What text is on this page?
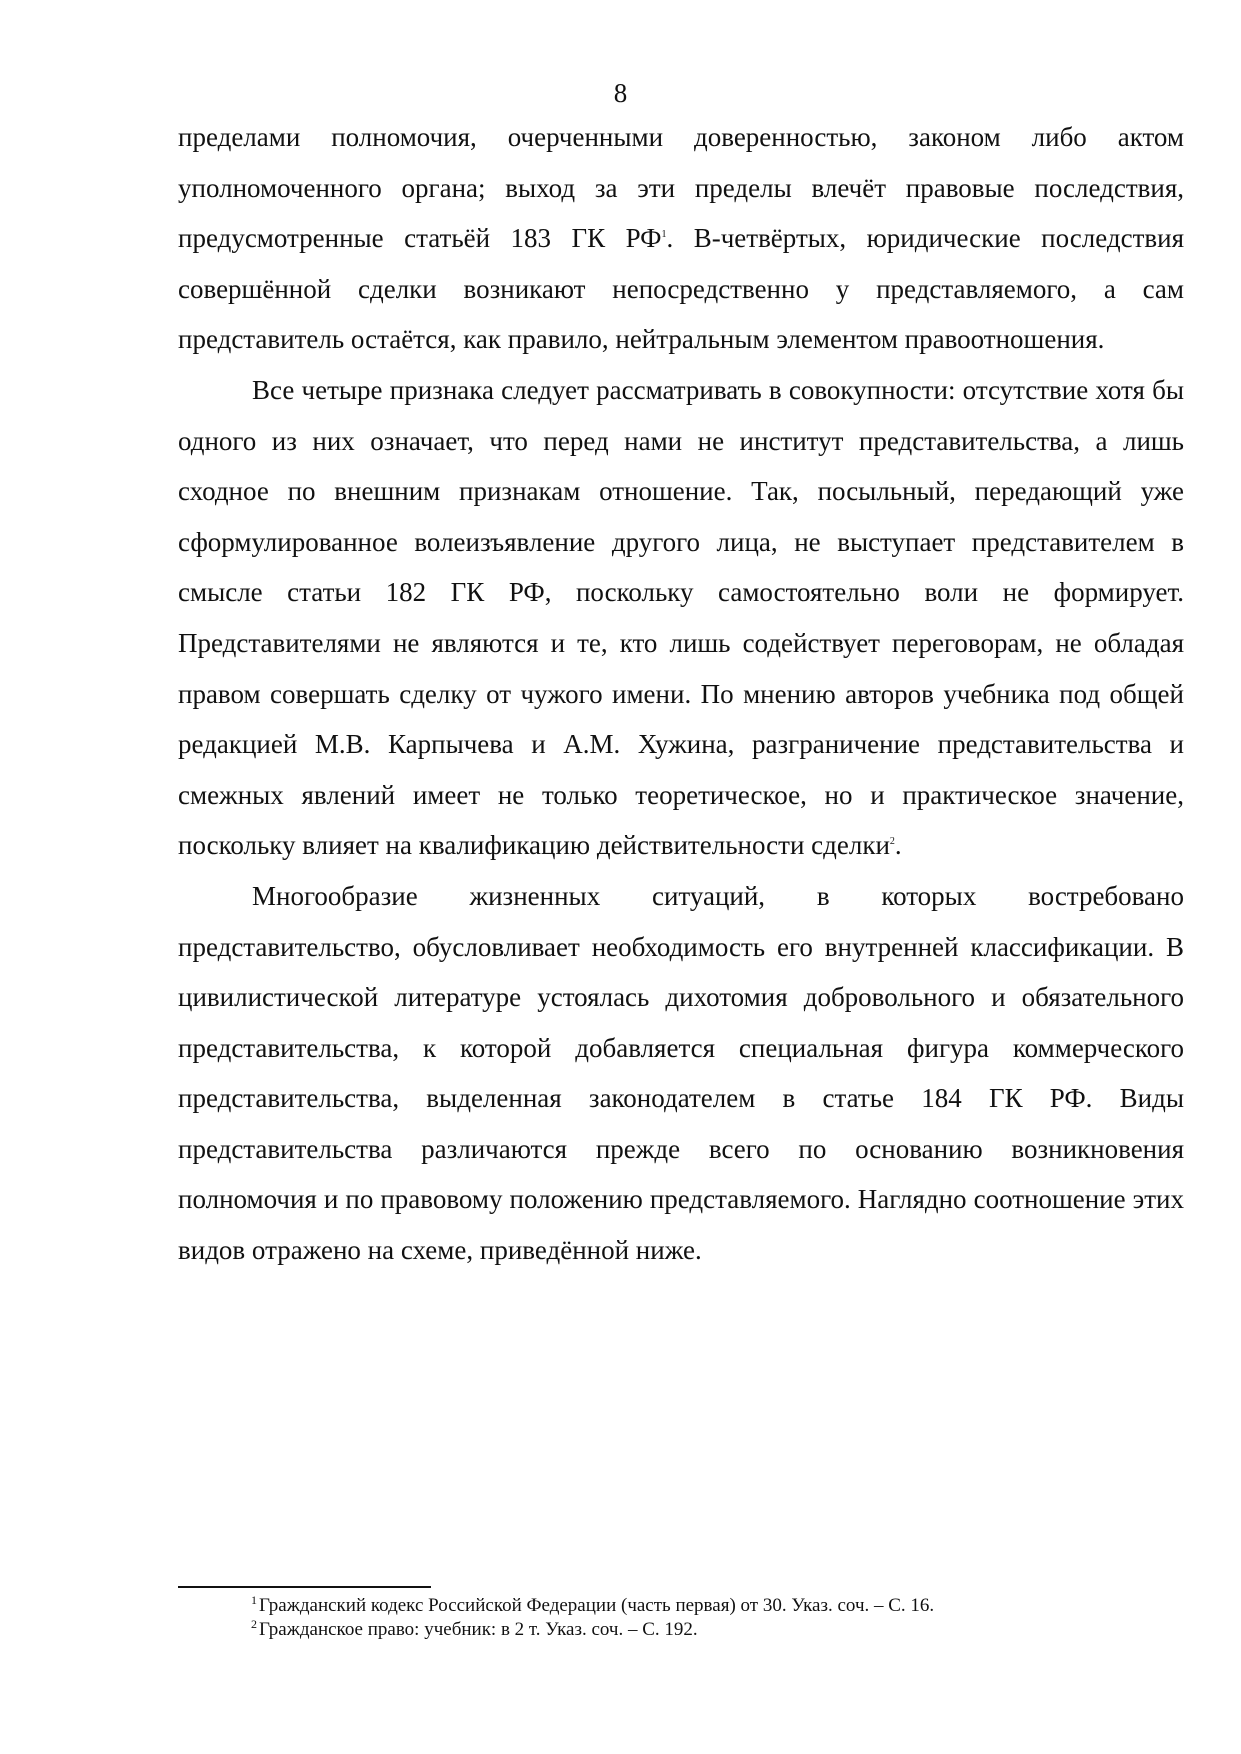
8

пределами полномочия, очерченными доверенностью, законом либо актом уполномоченного органа; выход за эти пределы влечёт правовые последствия, предусмотренные статьёй 183 ГК $РФ^1$. В-четвёртых, юридические последствия совершённой сделки возникают непосредственно у представляемого, а сам представитель остаётся, как правило, нейтральным элементом правоотношения.

Все четыре признака следует рассматривать в совокупности: отсутствие хотя бы одного из них означает, что перед нами не институт представительства, а лишь сходное по внешним признакам отношение. Так, посыльный, передающий уже сформулированное волеизъявление другого лица, не выступает представителем в смысле статьи 182 ГК РФ, поскольку самостоятельно воли не формирует. Представителями не являются и те, кто лишь содействует переговорам, не обладая правом совершать сделку от чужого имени. По мнению авторов учебника под общей редакцией М.В. Карпычева и А.М. Хужина, разграничение представительства и смежных явлений имеет не только теоретическое, но и практическое значение, поскольку влияет на квалификацию действительности сделки$^2$.

Многообразие жизненных ситуаций, в которых востребовано представительство, обусловливает необходимость его внутренней классификации. В цивилистической литературе устоялась дихотомия добровольного и обязательного представительства, к которой добавляется специальная фигура коммерческого представительства, выделенная законодателем в статье 184 ГК РФ. Виды представительства различаются прежде всего по основанию возникновения полномочия и по правовому положению представляемого. Наглядно соотношение этих видов отражено на схеме, приведённой ниже.

$^1$ Гражданский кодекс Российской Федерации (часть первая) от 30. Указ. соч. – С. 16.

$^2$ Гражданское право: учебник: в 2 т. Указ. соч. – С. 192.
